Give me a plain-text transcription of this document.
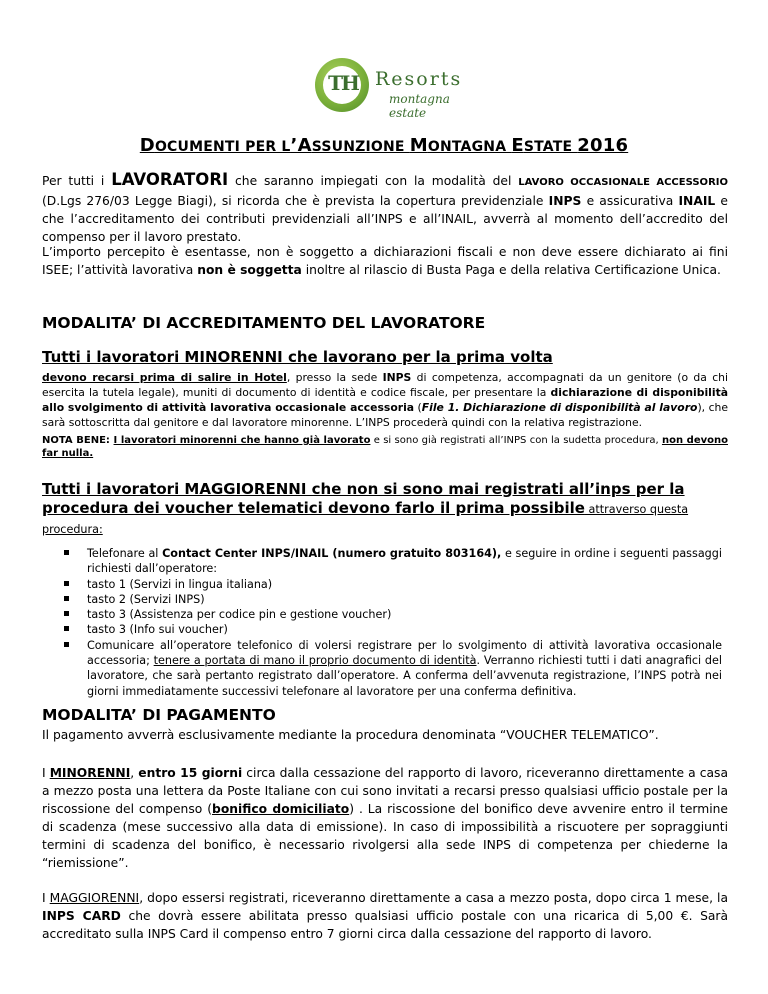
TH Resorts
montagna estate
DOCUMENTI PER L’ASSUNZIONE MONTAGNA ESTATE 2016
Per tutti i LAVORATORI che saranno impiegati con la modalità del LAVORO OCCASIONALE ACCESSORIO (D.Lgs 276/03 Legge Biagi), si ricorda che è prevista la copertura previdenziale INPS e assicurativa INAIL e che l’accreditamento dei contributi previdenziali all’INPS e all’INAIL, avverrà al momento dell’accredito del compenso per il lavoro prestato.
L’importo percepito è esentasse, non è soggetto a dichiarazioni fiscali e non deve essere dichiarato ai fini ISEE; l’attività lavorativa non è soggetta inoltre al rilascio di Busta Paga e della relativa Certificazione Unica.
MODALITA’ DI ACCREDITAMENTO DEL LAVORATORE
Tutti i lavoratori MINORENNI che lavorano per la prima volta
devono recarsi prima di salire in Hotel, presso la sede INPS di competenza, accompagnati da un genitore (o da chi esercita la tutela legale), muniti di documento di identità e codice fiscale, per presentare la dichiarazione di disponibilità allo svolgimento di attività lavorativa occasionale accessoria (File 1. Dichiarazione di disponibilità al lavoro), che sarà sottoscritta dal genitore e dal lavoratore minorenne. L’INPS procederà quindi con la relativa registrazione.
NOTA BENE: I lavoratori minorenni che hanno già lavorato e si sono già registrati all’INPS con la sudetta procedura, non devono far nulla.
Tutti i lavoratori MAGGIORENNI che non si sono mai registrati all’inps per la procedura dei voucher telematici devono farlo il prima possibile attraverso questa procedura:
Telefonare al Contact Center INPS/INAIL (numero gratuito 803164), e seguire in ordine i seguenti passaggi richiesti dall’operatore:
tasto 1 (Servizi in lingua italiana)
tasto 2 (Servizi INPS)
tasto 3 (Assistenza per codice pin e gestione voucher)
tasto 3 (Info sui voucher)
Comunicare all’operatore telefonico di volersi registrare per lo svolgimento di attività lavorativa occasionale accessoria; tenere a portata di mano il proprio documento di identità. Verranno richiesti tutti i dati anagrafici del lavoratore, che sarà pertanto registrato dall’operatore. A conferma dell’avvenuta registrazione, l’INPS potrà nei giorni immediatamente successivi telefonare al lavoratore per una conferma definitiva.
MODALITA’ DI PAGAMENTO
Il pagamento avverrà esclusivamente mediante la procedura denominata “VOUCHER TELEMATICO”.
I MINORENNI, entro 15 giorni circa dalla cessazione del rapporto di lavoro, riceveranno direttamente a casa a mezzo posta una lettera da Poste Italiane con cui sono invitati a recarsi presso qualsiasi ufficio postale per la riscossione del compenso (bonifico domiciliato) . La riscossione del bonifico deve avvenire entro il termine di scadenza (mese successivo alla data di emissione). In caso di impossibilità a riscuotere per sopraggiunti termini di scadenza del bonifico, è necessario rivolgersi alla sede INPS di competenza per chiederne la “riemissione”.
I MAGGIORENNI, dopo essersi registrati, riceveranno direttamente a casa a mezzo posta, dopo circa 1 mese, la INPS CARD che dovrà essere abilitata presso qualsiasi ufficio postale con una ricarica di 5,00 €. Sarà accreditato sulla INPS Card il compenso entro 7 giorni circa dalla cessazione del rapporto di lavoro.
